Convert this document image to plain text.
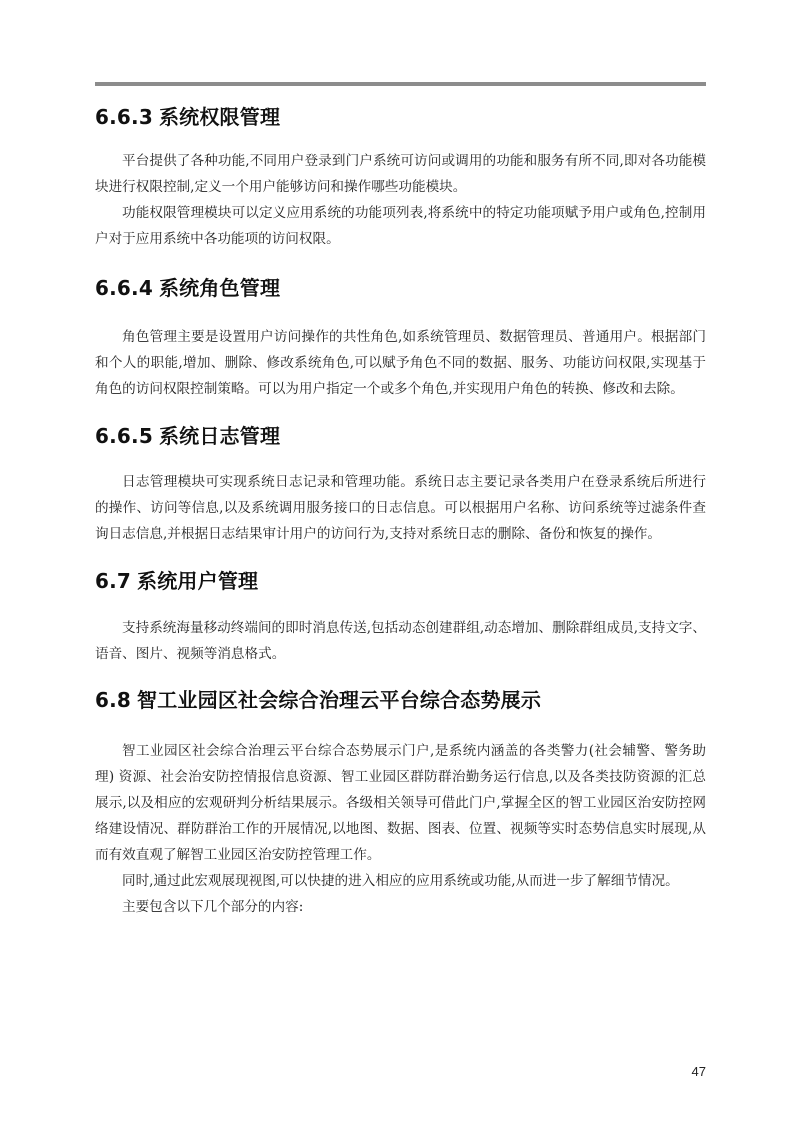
6.6.3 系统权限管理

平台提供了各种功能,不同用户登录到门户系统可访问或调用的功能和服务有所不同,即对各功能模块进行权限控制,定义一个用户能够访问和操作哪些功能模块。

功能权限管理模块可以定义应用系统的功能项列表,将系统中的特定功能项赋予用户或角色,控制用户对于应用系统中各功能项的访问权限。

6.6.4 系统角色管理

角色管理主要是设置用户访问操作的共性角色,如系统管理员、数据管理员、普通用户。根据部门和个人的职能,增加、删除、修改系统角色,可以赋予角色不同的数据、服务、功能访问权限,实现基于角色的访问权限控制策略。可以为用户指定一个或多个角色,并实现用户角色的转换、修改和去除。

6.6.5 系统日志管理

日志管理模块可实现系统日志记录和管理功能。系统日志主要记录各类用户在登录系统后所进行的操作、访问等信息,以及系统调用服务接口的日志信息。可以根据用户名称、访问系统等过滤条件查询日志信息,并根据日志结果审计用户的访问行为,支持对系统日志的删除、备份和恢复的操作。

6.7 系统用户管理

支持系统海量移动终端间的即时消息传送,包括动态创建群组,动态增加、删除群组成员,支持文字、语音、图片、视频等消息格式。

6.8 智工业园区社会综合治理云平台综合态势展示

智工业园区社会综合治理云平台综合态势展示门户,是系统内涵盖的各类警力(社会辅警、警务助理) 资源、社会治安防控情报信息资源、智工业园区群防群治勤务运行信息,以及各类技防资源的汇总展示,以及相应的宏观研判分析结果展示。各级相关领导可借此门户,掌握全区的智工业园区治安防控网络建设情况、群防群治工作的开展情况,以地图、数据、图表、位置、视频等实时态势信息实时展现,从而有效直观了解智工业园区治安防控管理工作。

同时,通过此宏观展现视图,可以快捷的进入相应的应用系统或功能,从而进一步了解细节情况。

主要包含以下几个部分的内容:

47
